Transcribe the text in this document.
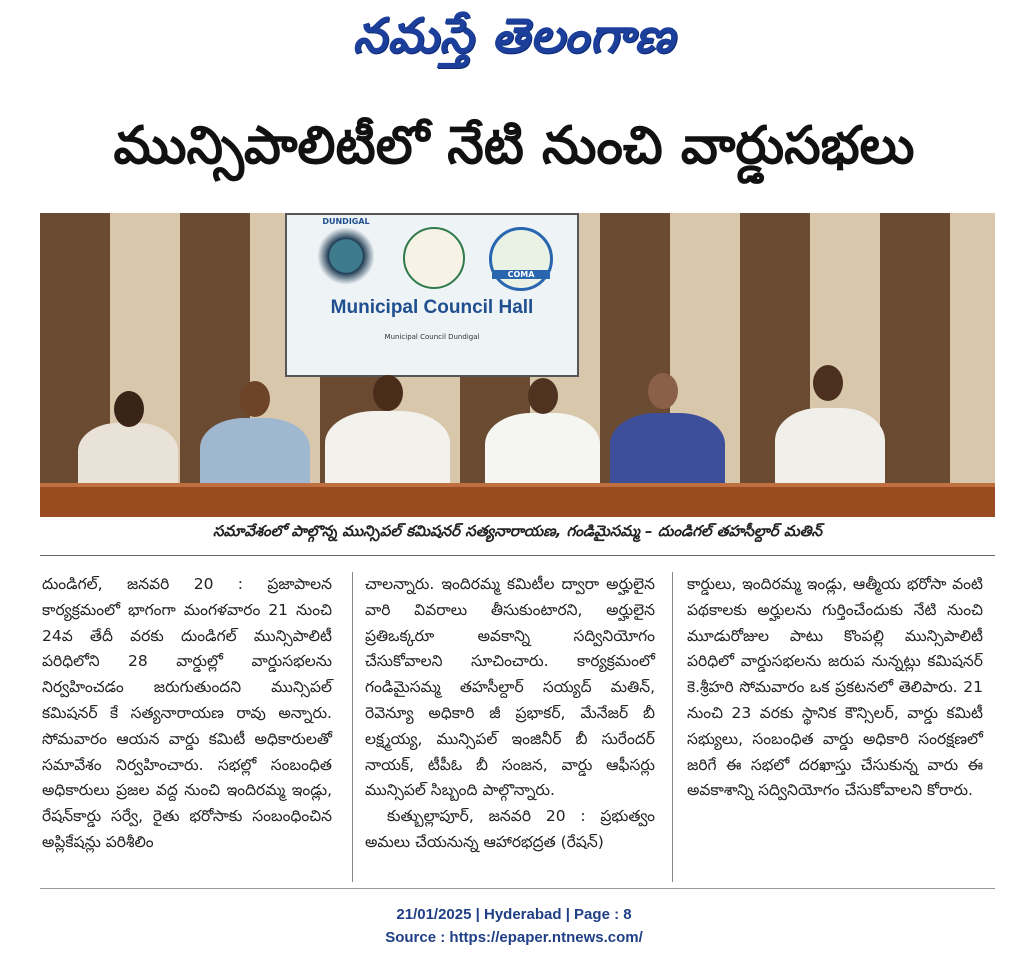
నమస్తే తెలంగాణ
మున్సిపాలిటీలో నేటి నుంచి వార్డుసభలు
DUNDIGAL
COMA
Municipal Council Hall
Municipal Council Dundigal
సమావేశంలో పాల్గొన్న మున్సిపల్ కమిషనర్ సత్యనారాయణ, గండిమైసమ్మ – దుండిగల్ తహసీల్దార్ మతిన్

దుండిగల్, జనవరి 20 : ప్రజాపాలన కార్యక్రమంలో భాగంగా మంగళవారం 21 నుంచి 24వ తేదీ వరకు దుండిగల్ మున్సిపాలిటీ పరిధిలోని 28 వార్డుల్లో వార్డుసభలను నిర్వహించడం జరుగుతుందని మున్సిపల్ కమిషనర్ కే సత్యనారాయణ రావు అన్నారు. సోమవారం ఆయన వార్డు కమిటీ అధికారులతో సమావేశం నిర్వహించారు. సభల్లో సంబంధిత అధికారులు ప్రజల వద్ద నుంచి ఇందిరమ్మ ఇండ్లు, రేషన్‌కార్డు సర్వే, రైతు భరోసాకు సంబంధించిన అప్లికేషన్లు పరిశీలిం

చాలన్నారు. ఇందిరమ్మ కమిటీల ద్వారా అర్హులైన వారి వివరాలు తీసుకుంటారని, అర్హులైన ప్రతిఒక్కరూ అవకాన్ని సద్వినియోగం చేసుకోవాలని సూచించారు. కార్యక్రమంలో గండిమైసమ్మ తహసీల్దార్ సయ్యద్ మతిన్, రెవెన్యూ అధికారి జీ ప్రభాకర్, మేనేజర్ బీ లక్ష్మయ్య, మున్సిపల్ ఇంజినీర్ బీ సురేందర్ నాయక్, టీపీఓ బీ సంజన, వార్డు ఆఫీసర్లు మున్సిపల్ సిబ్బంది పాల్గొన్నారు.

కుత్బుల్లాపూర్, జనవరి 20 : ప్రభుత్వం అమలు చేయనున్న ఆహారభద్రత (రేషన్)

కార్డులు, ఇందిరమ్మ ఇండ్లు, ఆత్మీయ భరోసా వంటి పథకాలకు అర్హులను గుర్తించేందుకు నేటి నుంచి మూడురోజుల పాటు కొంపల్లి మున్సిపాలిటీ పరిధిలో వార్డుసభలను జరుప నున్నట్లు కమిషనర్ కె.శ్రీహరి సోమవారం ఒక ప్రకటనలో తెలిపారు. 21 నుంచి 23 వరకు స్థానిక కౌన్సిలర్, వార్డు కమిటీ సభ్యులు, సంబంధిత వార్డు అధికారి సంరక్షణలో జరిగే ఈ సభలో దరఖాస్తు చేసుకున్న వారు ఈ అవకాశాన్ని సద్వినియోగం చేసుకోవాలని కోరారు.

21/01/2025 | Hyderabad | Page : 8
Source : https://epaper.ntnews.com/
